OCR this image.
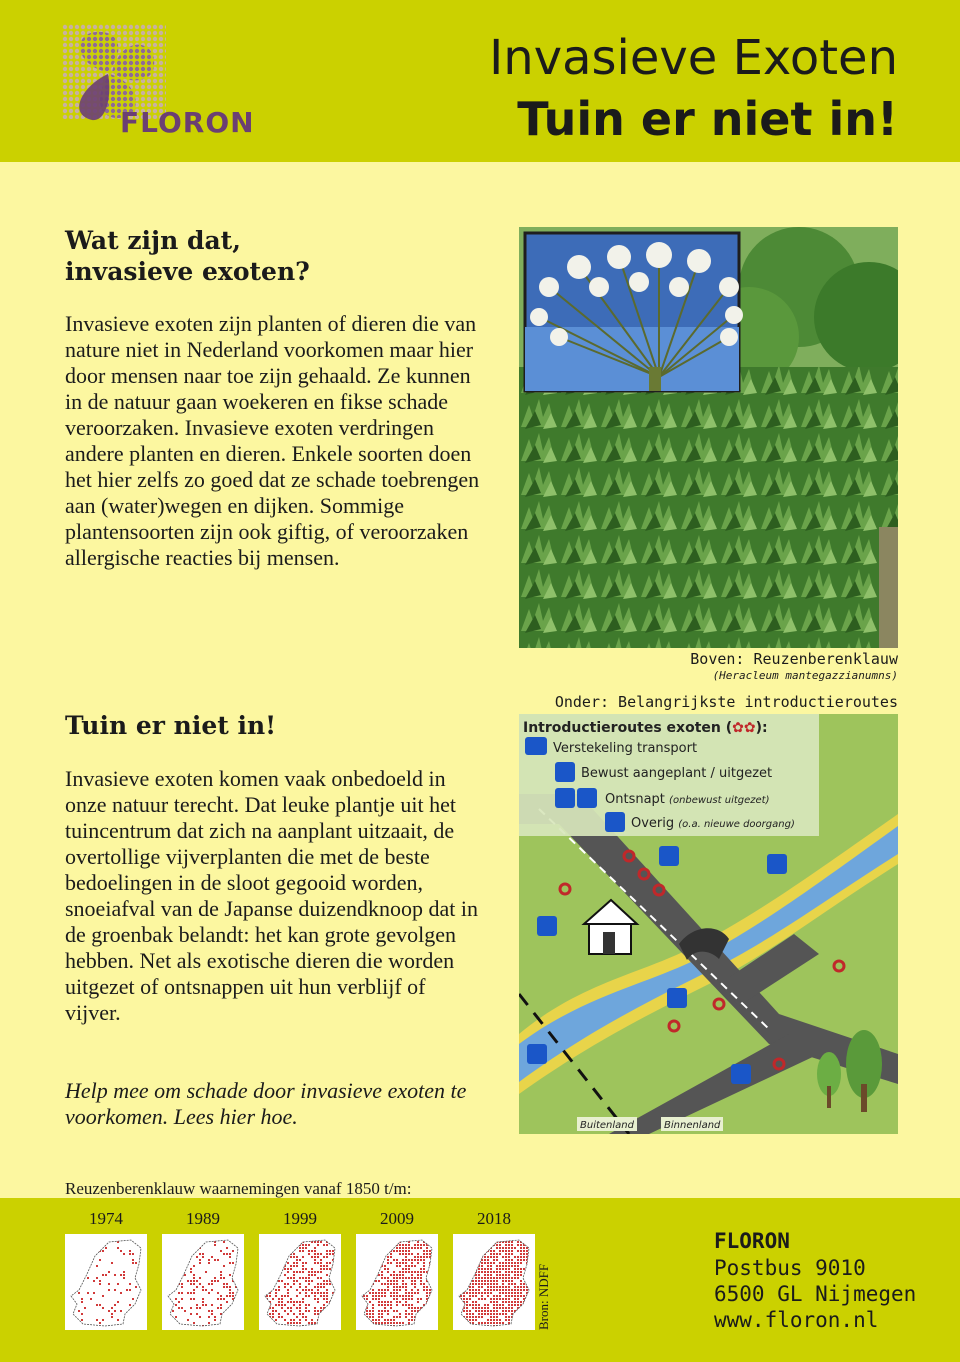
FLORON
Invasieve Exoten
Tuin er niet in!
Wat zijn dat,
invasieve exoten?
Invasieve exoten zijn planten of dieren die van nature niet in Nederland voorkomen maar hier door mensen naar toe zijn gehaald. Ze kunnen in de natuur gaan woekeren en fikse schade veroorzaken. Invasieve exoten verdringen andere planten en dieren. Enkele soorten doen het hier zelfs zo goed dat ze schade toebrengen aan (water)wegen en dijken. Sommige plantensoorten zijn ook giftig, of veroorzaken allergische reacties bij mensen.
Boven: Reuzenberenklauw
(Heracleum mantegazzianumns)
Onder: Belangrijkste introductieroutes
Introductieroutes exoten (✿✿):
Verstekeling transport
Bewust aangeplant / uitgezet
Ontsnapt (onbewust uitgezet)
Overig (o.a. nieuwe doorgang)
Buitenland	Binnenland
Tuin er niet in!
Invasieve exoten komen vaak onbedoeld in onze natuur terecht. Dat leuke plantje uit het tuincentrum dat zich na aanplant uitzaait, de overtollige vijverplanten die met de beste bedoelingen in de sloot gegooid worden, snoeiafval van de Japanse duizendknoop dat in de groenbak belandt: het kan grote gevolgen hebben. Net als exotische dieren die worden uitgezet of ontsnappen uit hun verblijf of vijver.
Help mee om schade door invasieve exoten te voorkomen. Lees hier hoe.
Reuzenberenklauw waarnemingen vanaf 1850 t/m:
1974	1989	1999	2009	2018
Bron: NDFF
FLORON
Postbus 9010
6500 GL Nijmegen
www.floron.nl
